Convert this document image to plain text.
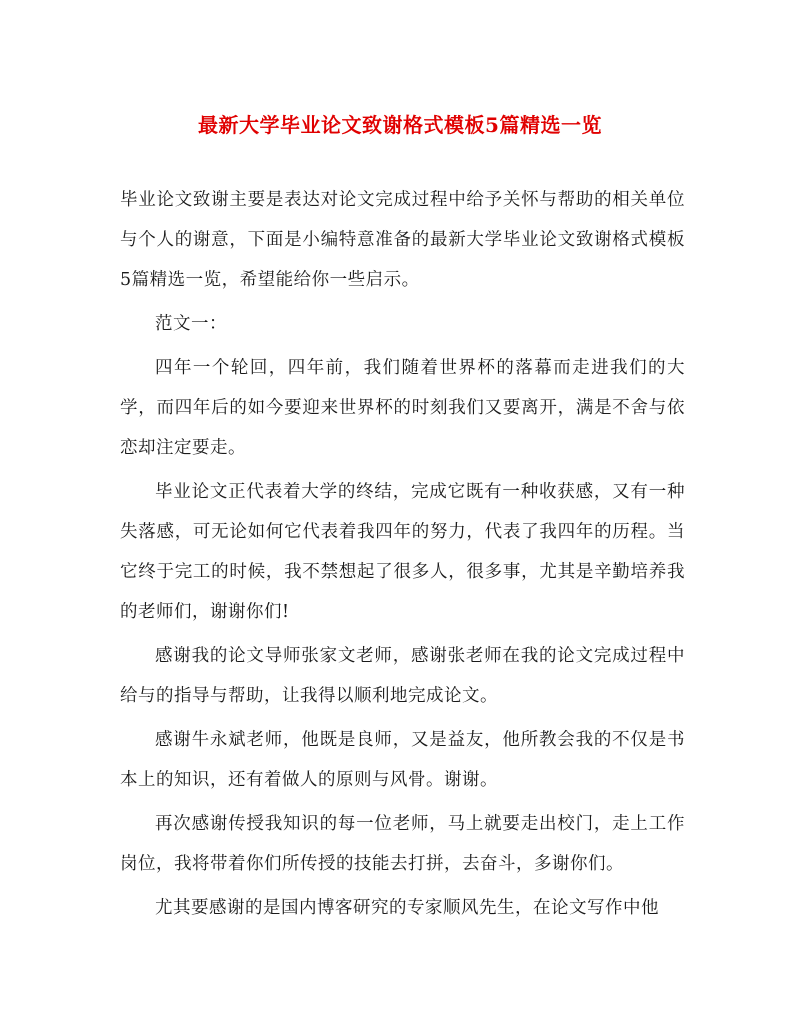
最新大学毕业论文致谢格式模板5篇精选一览

毕业论文致谢主要是表达对论文完成过程中给予关怀与帮助的相关单位与个人的谢意，下面是小编特意准备的最新大学毕业论文致谢格式模板5篇精选一览，希望能给你一些启示。

范文一：

四年一个轮回，四年前，我们随着世界杯的落幕而走进我们的大学，而四年后的如今要迎来世界杯的时刻我们又要离开，满是不舍与依恋却注定要走。

毕业论文正代表着大学的终结，完成它既有一种收获感，又有一种失落感，可无论如何它代表着我四年的努力，代表了我四年的历程。当它终于完工的时候，我不禁想起了很多人，很多事，尤其是辛勤培养我的老师们，谢谢你们!

感谢我的论文导师张家文老师，感谢张老师在我的论文完成过程中给与的指导与帮助，让我得以顺利地完成论文。

感谢牛永斌老师，他既是良师，又是益友，他所教会我的不仅是书本上的知识，还有着做人的原则与风骨。谢谢。

再次感谢传授我知识的每一位老师，马上就要走出校门，走上工作岗位，我将带着你们所传授的技能去打拼，去奋斗，多谢你们。

尤其要感谢的是国内博客研究的专家顺风先生，在论文写作中他
